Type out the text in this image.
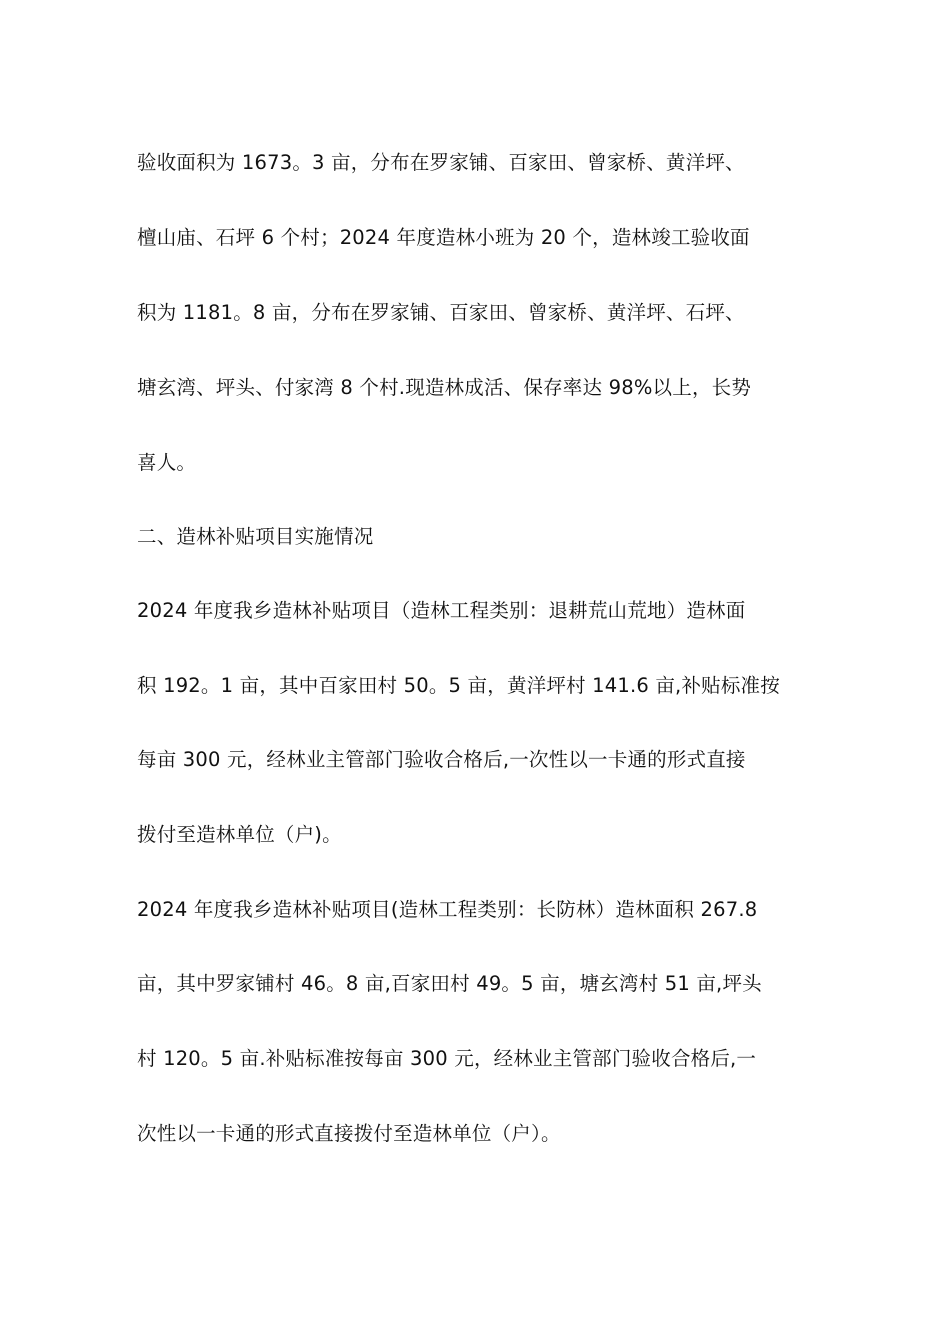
验收面积为 1673。3 亩，分布在罗家铺、百家田、曾家桥、黄洋坪、
檀山庙、石坪 6 个村；2024 年度造林小班为 20 个，造林竣工验收面
积为 1181。8 亩，分布在罗家铺、百家田、曾家桥、黄洋坪、石坪、
塘玄湾、坪头、付家湾 8 个村.现造林成活、保存率达 98%以上，长势
喜人。
二、造林补贴项目实施情况
2024 年度我乡造林补贴项目（造林工程类别：退耕荒山荒地）造林面
积 192。1 亩，其中百家田村 50。5 亩，黄洋坪村 141.6 亩,补贴标准按
每亩 300 元，经林业主管部门验收合格后,一次性以一卡通的形式直接
拨付至造林单位（户)。
2024 年度我乡造林补贴项目(造林工程类别：长防林）造林面积 267.8
亩，其中罗家铺村 46。8 亩,百家田村 49。5 亩，塘玄湾村 51 亩,坪头
村 120。5 亩.补贴标准按每亩 300 元，经林业主管部门验收合格后,一
次性以一卡通的形式直接拨付至造林单位（户）。
